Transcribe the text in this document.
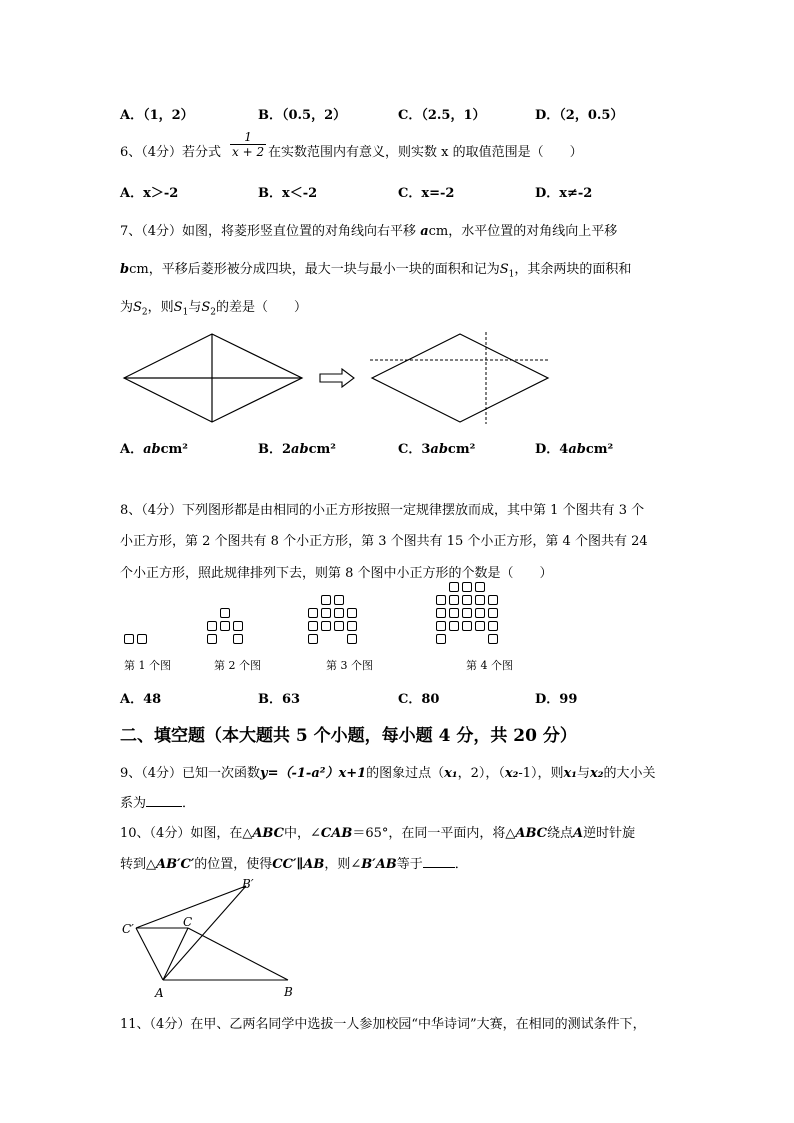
A．（1，2）	B．（0.5，2）	C．（2.5，1）	D．（2，0.5）
6、（4分）若分式 $\frac{1}{x + 2}$ 在实数范围内有意义，则实数 x 的取值范围是（　　）
A．x＞-2	B．x＜-2	C．x=-2	D．x≠-2
7、（4分）如图，将菱形竖直位置的对角线向右平移 acm，水平位置的对角线向上平移
bcm，平移后菱形被分成四块，最大一块与最小一块的面积和记为$S_1$，其余两块的面积和
为$S_2$，则$S_1$与$S_2$的差是（　　）
A．abcm²	B．2abcm²	C．3abcm²	D．4abcm²
8、（4分）下列图形都是由相同的小正方形按照一定规律摆放而成，其中第 1 个图共有 3 个
小正方形，第 2 个图共有 8 个小正方形，第 3 个图共有 15 个小正方形，第 4 个图共有 24
个小正方形，照此规律排列下去，则第 8 个图中小正方形的个数是（　　）
第 1 个图	第 2 个图	第 3 个图	第 4 个图
A．48	B．63	C．80	D．99
二、填空题（本大题共 5 个小题，每小题 4 分，共 20 分）
9、（4分）已知一次函数y=（-1-a²）x+1的图象过点（x₁，2），（x₂-1），则x₁与x₂的大小关
系为	．
10、（4分）如图，在△ABC中，∠CAB＝65°，在同一平面内，将△ABC绕点A逆时针旋
转到△AB′C′的位置，使得CC′∥AB，则∠B′AB等于 ．
B′
C′	C
A	B
11、（4分）在甲、乙两名同学中选拔一人参加校园“中华诗词”大赛，在相同的测试条件下，
